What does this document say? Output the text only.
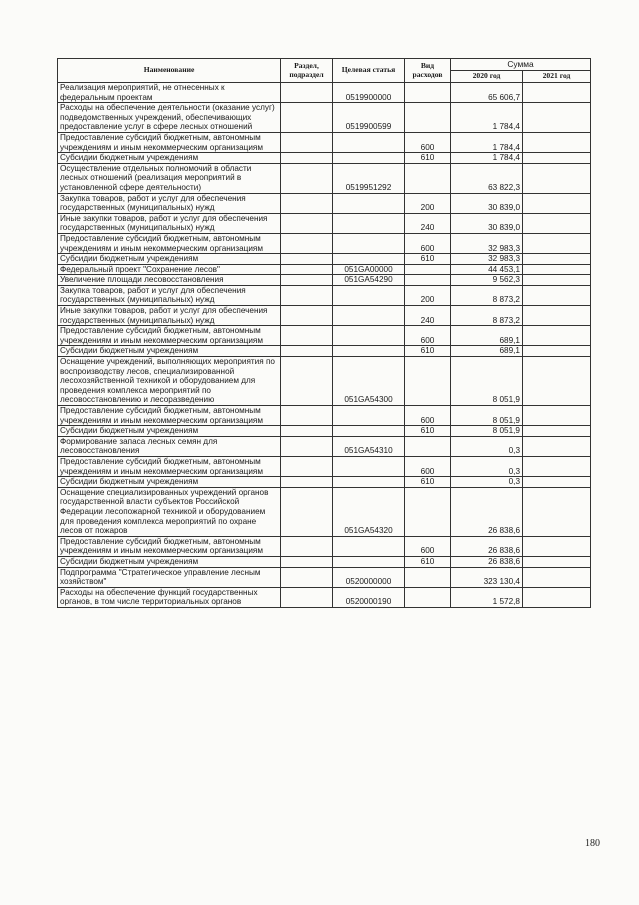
Наименование	Раздел, подраздел	Целевая статья	Вид расходов	Сумма	
				2020 год	2021 год
Реализация мероприятий, не отнесенных к федеральным проектам		0519900000		65 606,7	
Расходы на обеспечение деятельности (оказание услуг) подведомственных учреждений, обеспечивающих предоставление услуг в сфере лесных отношений		0519900599		1 784,4	
Предоставление субсидий бюджетным, автономным учреждениям и иным некоммерческим организациям			600	1 784,4	
Субсидии бюджетным учреждениям			610	1 784,4	
Осуществление отдельных полномочий в области лесных отношений (реализация мероприятий в установленной сфере деятельности)		0519951292		63 822,3	
Закупка товаров, работ и услуг для обеспечения государственных (муниципальных) нужд			200	30 839,0	
Иные закупки товаров, работ и услуг для обеспечения государственных (муниципальных) нужд			240	30 839,0	
Предоставление субсидий бюджетным, автономным учреждениям и иным некоммерческим организациям			600	32 983,3	
Субсидии бюджетным учреждениям			610	32 983,3	
Федеральный проект "Сохранение лесов"		051GA00000		44 453,1	
Увеличение площади лесовосстановления		051GA54290		9 562,3	
Закупка товаров, работ и услуг для обеспечения государственных (муниципальных) нужд			200	8 873,2	
Иные закупки товаров, работ и услуг для обеспечения государственных (муниципальных) нужд			240	8 873,2	
Предоставление субсидий бюджетным, автономным учреждениям и иным некоммерческим организациям			600	689,1	
Субсидии бюджетным учреждениям			610	689,1	
Оснащение учреждений, выполняющих мероприятия по воспроизводству лесов, специализированной лесохозяйственной техникой и оборудованием для проведения комплекса мероприятий по лесовосстановлению и лесоразведению		051GA54300		8 051,9	
Предоставление субсидий бюджетным, автономным учреждениям и иным некоммерческим организациям			600	8 051,9	
Субсидии бюджетным учреждениям			610	8 051,9	
Формирование запаса лесных семян для лесовосстановления		051GA54310		0,3	
Предоставление субсидий бюджетным, автономным учреждениям и иным некоммерческим организациям			600	0,3	
Субсидии бюджетным учреждениям			610	0,3	
Оснащение специализированных учреждений органов государственной власти субъектов Российской Федерации лесопожарной техникой и оборудованием для проведения комплекса мероприятий по охране лесов от пожаров		051GA54320		26 838,6	
Предоставление субсидий бюджетным, автономным учреждениям и иным некоммерческим организациям			600	26 838,6	
Субсидии бюджетным учреждениям			610	26 838,6	
Подпрограмма "Стратегическое управление лесным хозяйством"		0520000000		323 130,4	
Расходы на обеспечение функций государственных органов, в том числе территориальных органов		0520000190		1 572,8	
180
